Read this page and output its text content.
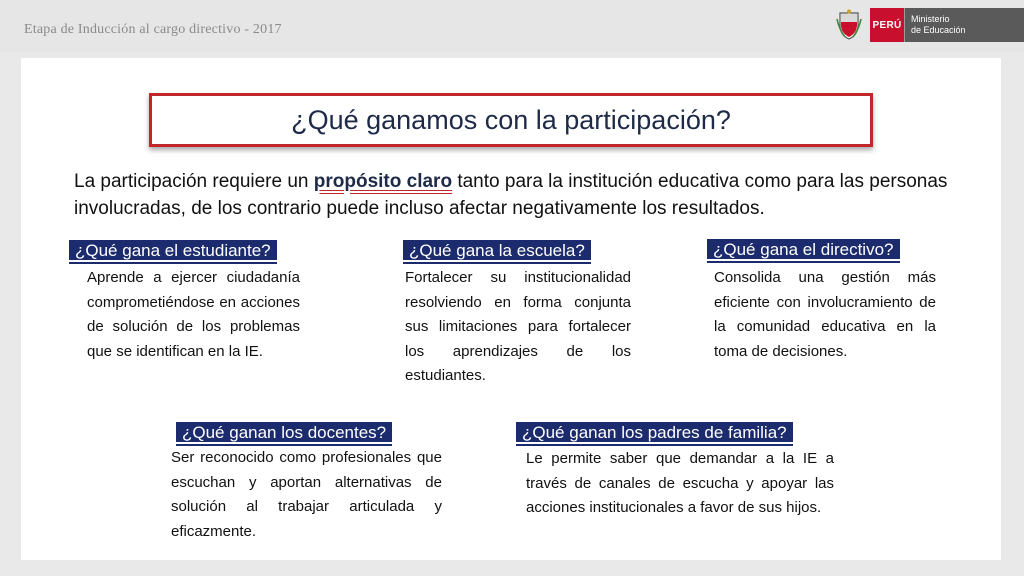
Etapa de Inducción al cargo directivo - 2017	PERÚ
Ministerio
de Educación
¿Qué ganamos con la participación?
La participación requiere un propósito claro tanto para la institución educativa como para las personas involucradas, de los contrario puede incluso afectar negativamente los resultados.
¿Qué gana el estudiante?
Aprende a ejercer ciudadanía comprometiéndose en acciones de solución de los problemas que se identifican en la IE.
¿Qué gana la escuela?
Fortalecer su institucionalidad resolviendo en forma conjunta sus limitaciones para fortalecer los aprendizajes de los estudiantes.
¿Qué gana el directivo?
Consolida una gestión más eficiente con involucramiento de la comunidad educativa en la toma de decisiones.
¿Qué ganan los docentes?
Ser reconocido como profesionales que escuchan y aportan alternativas de solución al trabajar articulada y eficazmente.
¿Qué ganan los padres de familia?
Le permite saber que demandar a la IE a través de canales de escucha y apoyar las acciones institucionales a favor de sus hijos.
